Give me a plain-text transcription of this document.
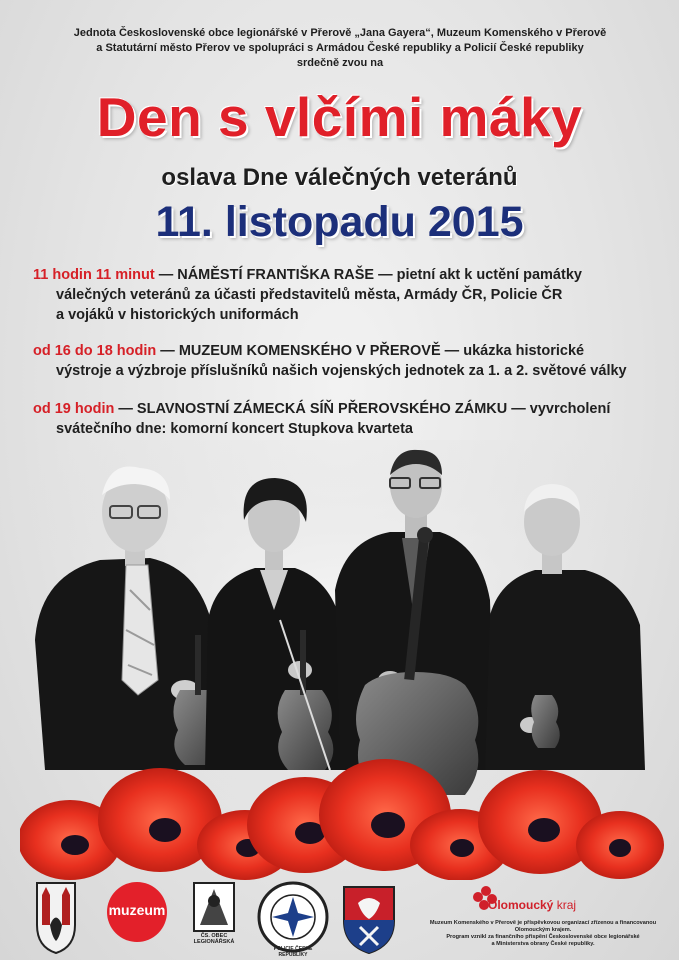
Jednota Československé obce legionářské v Přerově „Jana Gayera“, Muzeum Komenského v Přerově
a Statutární město Přerov ve spolupráci s Armádou České republiky a Policií České republiky
srdečně zvou na
Den s vlčími máky
oslava Dne válečných veteránů
11. listopadu 2015
11 hodin 11 minut — NÁMĚSTÍ FRANTIŠKA RAŠE — pietní akt k uctění památky
válečných veteránů za účasti představitelů města, Armády ČR, Policie ČR
a vojáků v historických uniformách
od 16 do 18 hodin — MUZEUM KOMENSKÉHO V PŘEROVĚ — ukázka historické
výstroje a výzbroje příslušníků našich vojenských jednotek za 1. a 2. světové války
od 19 hodin — SLAVNOSTNÍ ZÁMECKÁ SÍŇ PŘEROVSKÉHO ZÁMKU — vyvrcholení
svátečního dne: komorní koncert Stupkova kvarteta
muzeum
ČS. OBEC LEGIONÁŘSKÁ
Olomoucký kraj
Muzeum Komenského v Přerově je příspěvkovou organizací zřízenou a financovanou Olomouckým krajem.
Program vznikl za finančního přispění Československé obce legionářské
a Ministerstva obrany České republiky.
POLICIE ČESKÉ REPUBLIKY
